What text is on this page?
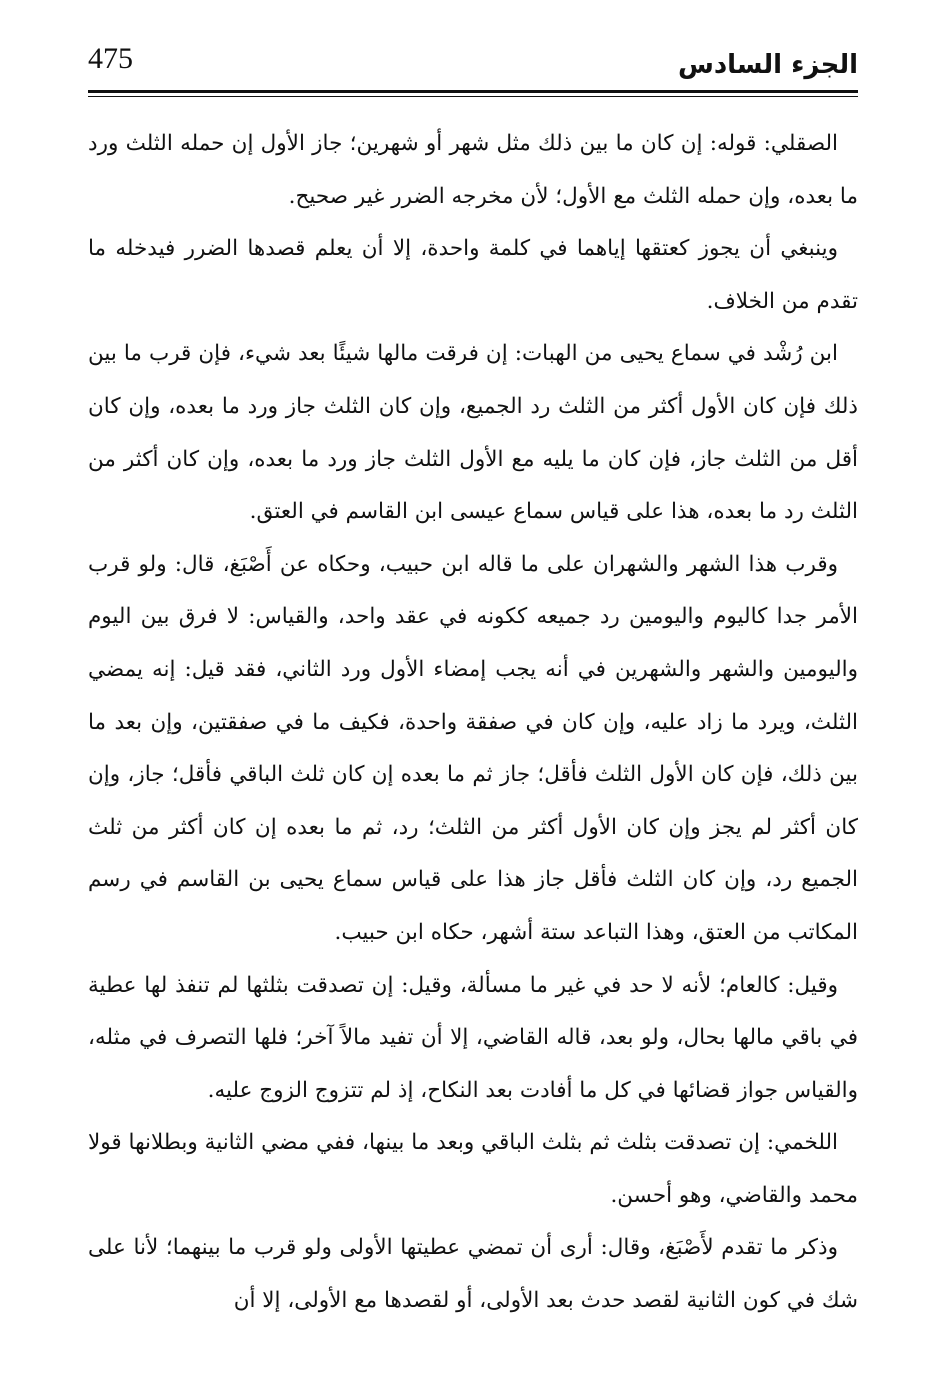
475	الجزء السادس

الصقلي: قوله: إن كان ما بين ذلك مثل شهر أو شهرين؛ جاز الأول إن حمله الثلث ورد ما بعده، وإن حمله الثلث مع الأول؛ لأن مخرجه الضرر غير صحيح.

وينبغي أن يجوز كعتقها إياهما في كلمة واحدة، إلا أن يعلم قصدها الضرر فيدخله ما تقدم من الخلاف.

ابن رُشْد في سماع يحيى من الهبات: إن فرقت مالها شيئًا بعد شيء، فإن قرب ما بين ذلك فإن كان الأول أكثر من الثلث رد الجميع، وإن كان الثلث جاز ورد ما بعده، وإن كان أقل من الثلث جاز، فإن كان ما يليه مع الأول الثلث جاز ورد ما بعده، وإن كان أكثر من الثلث رد ما بعده، هذا على قياس سماع عيسى ابن القاسم في العتق.

وقرب هذا الشهر والشهران على ما قاله ابن حبيب، وحكاه عن أَصْبَغ، قال: ولو قرب الأمر جدا كاليوم واليومين رد جميعه ككونه في عقد واحد، والقياس: لا فرق بين اليوم واليومين والشهر والشهرين في أنه يجب إمضاء الأول ورد الثاني، فقد قيل: إنه يمضي الثلث، ويرد ما زاد عليه، وإن كان في صفقة واحدة، فكيف ما في صفقتين، وإن بعد ما بين ذلك، فإن كان الأول الثلث فأقل؛ جاز ثم ما بعده إن كان ثلث الباقي فأقل؛ جاز، وإن كان أكثر لم يجز وإن كان الأول أكثر من الثلث؛ رد، ثم ما بعده إن كان أكثر من ثلث الجميع رد، وإن كان الثلث فأقل جاز هذا على قياس سماع يحيى بن القاسم في رسم المكاتب من العتق، وهذا التباعد ستة أشهر، حكاه ابن حبيب.

وقيل: كالعام؛ لأنه لا حد في غير ما مسألة، وقيل: إن تصدقت بثلثها لم تنفذ لها عطية في باقي مالها بحال، ولو بعد، قاله القاضي، إلا أن تفيد مالاً آخر؛ فلها التصرف في مثله، والقياس جواز قضائها في كل ما أفادت بعد النكاح، إذ لم تتزوج الزوج عليه.

اللخمي: إن تصدقت بثلث ثم بثلث الباقي وبعد ما بينها، ففي مضي الثانية وبطلانها قولا محمد والقاضي، وهو أحسن.

وذكر ما تقدم لأَصْبَغ، وقال: أرى أن تمضي عطيتها الأولى ولو قرب ما بينهما؛ لأنا على شك في كون الثانية لقصد حدث بعد الأولى، أو لقصدها مع الأولى، إلا أن
